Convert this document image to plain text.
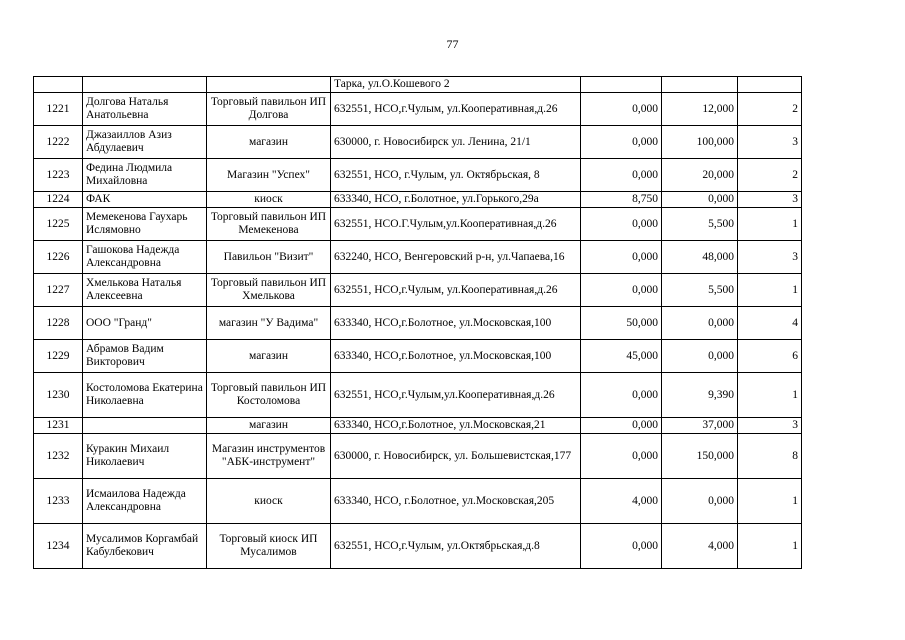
77
			Тарка, ул.О.Кошевого 2			
1221	Долгова Наталья Анатольевна	Торговый павильон ИП Долгова	632551, НСО,г.Чулым, ул.Кооперативная,д.26	0,000	12,000	2
1222	Джазаиллов Азиз Абдулаевич	магазин	630000, г. Новосибирск ул. Ленина, 21/1	0,000	100,000	3
1223	Федина Людмила Михайловна	Магазин "Успех"	632551, НСО, г.Чулым, ул. Октябрьская, 8	0,000	20,000	2
1224	ФАК	киоск	633340, НСО, г.Болотное, ул.Горького,29а	8,750	0,000	3
1225	Мемекенова Гаухарь Ислямовно	Торговый павильон ИП Мемекенова	632551, НСО.Г.Чулым,ул.Кооперативная,д.26	0,000	5,500	1
1226	Гашокова Надежда Александровна	Павильон "Визит"	632240, НСО, Венгеровский р-н, ул.Чапаева,16	0,000	48,000	3
1227	Хмелькова Наталья Алексеевна	Торговый павильон ИП Хмелькова	632551, НСО,г.Чулым, ул.Кооперативная,д.26	0,000	5,500	1
1228	ООО "Гранд"	магазин "У Вадима"	633340, НСО,г.Болотное, ул.Московская,100	50,000	0,000	4
1229	Абрамов Вадим Викторович	магазин	633340, НСО,г.Болотное, ул.Московская,100	45,000	0,000	6
1230	Костоломова Екатерина Николаевна	Торговый павильон ИП Костоломова	632551, НСО,г.Чулым,ул.Кооперативная,д.26	0,000	9,390	1
1231		магазин	633340, НСО,г.Болотное, ул.Московская,21	0,000	37,000	3
1232	Куракин Михаил Николаевич	Магазин инструментов "АБК-инструмент"	630000, г. Новосибирск, ул. Большевистская,177	0,000	150,000	8
1233	Исмаилова Надежда Александровна	киоск	633340, НСО, г.Болотное, ул.Московская,205	4,000	0,000	1
1234	Мусалимов Коргамбай Кабулбекович	Торговый киоск ИП Мусалимов	632551, НСО,г.Чулым, ул.Октябрьская,д.8	0,000	4,000	1
